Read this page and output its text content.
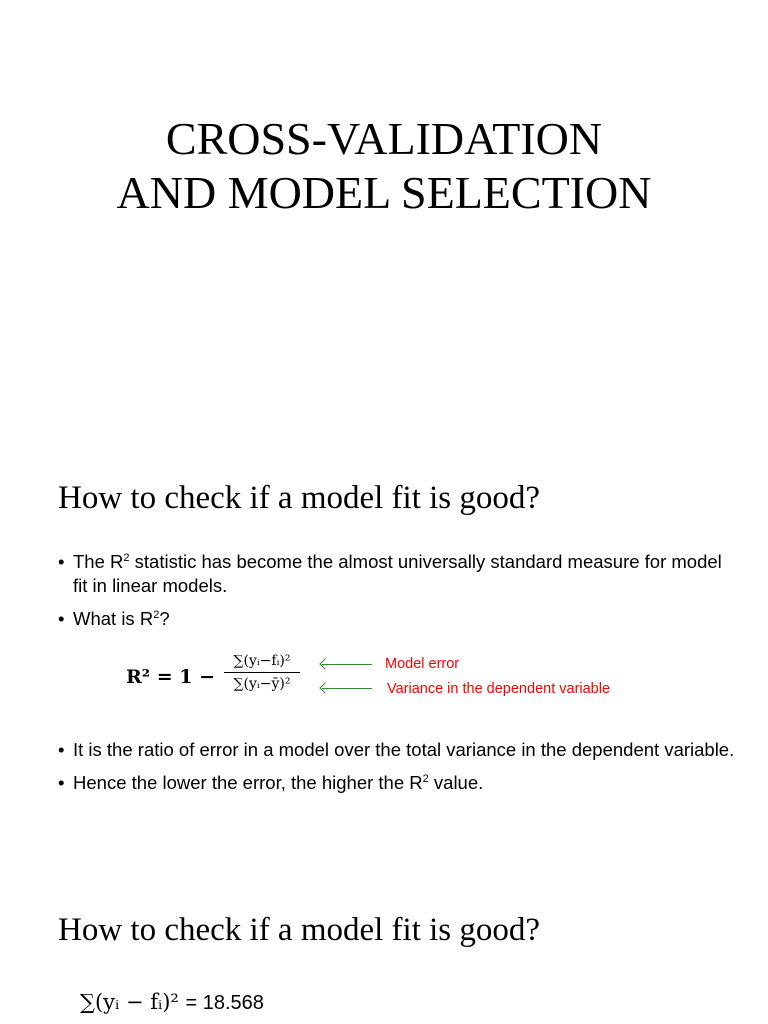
CROSS-VALIDATION
AND MODEL SELECTION
How to check if a model fit is good?
• The $R^2$ statistic has become the almost universally standard measure for model fit in linear models.
• What is $R^2$?
R² = 1 −
∑(yᵢ−fᵢ)²
∑(yᵢ−ȳ)²
Model error
Variance in the dependent variable
• It is the ratio of error in a model over the total variance in the dependent variable.
• Hence the lower the error, the higher the $R^2$ value.
How to check if a model fit is good?
∑(yᵢ − fᵢ)² = 18.568
